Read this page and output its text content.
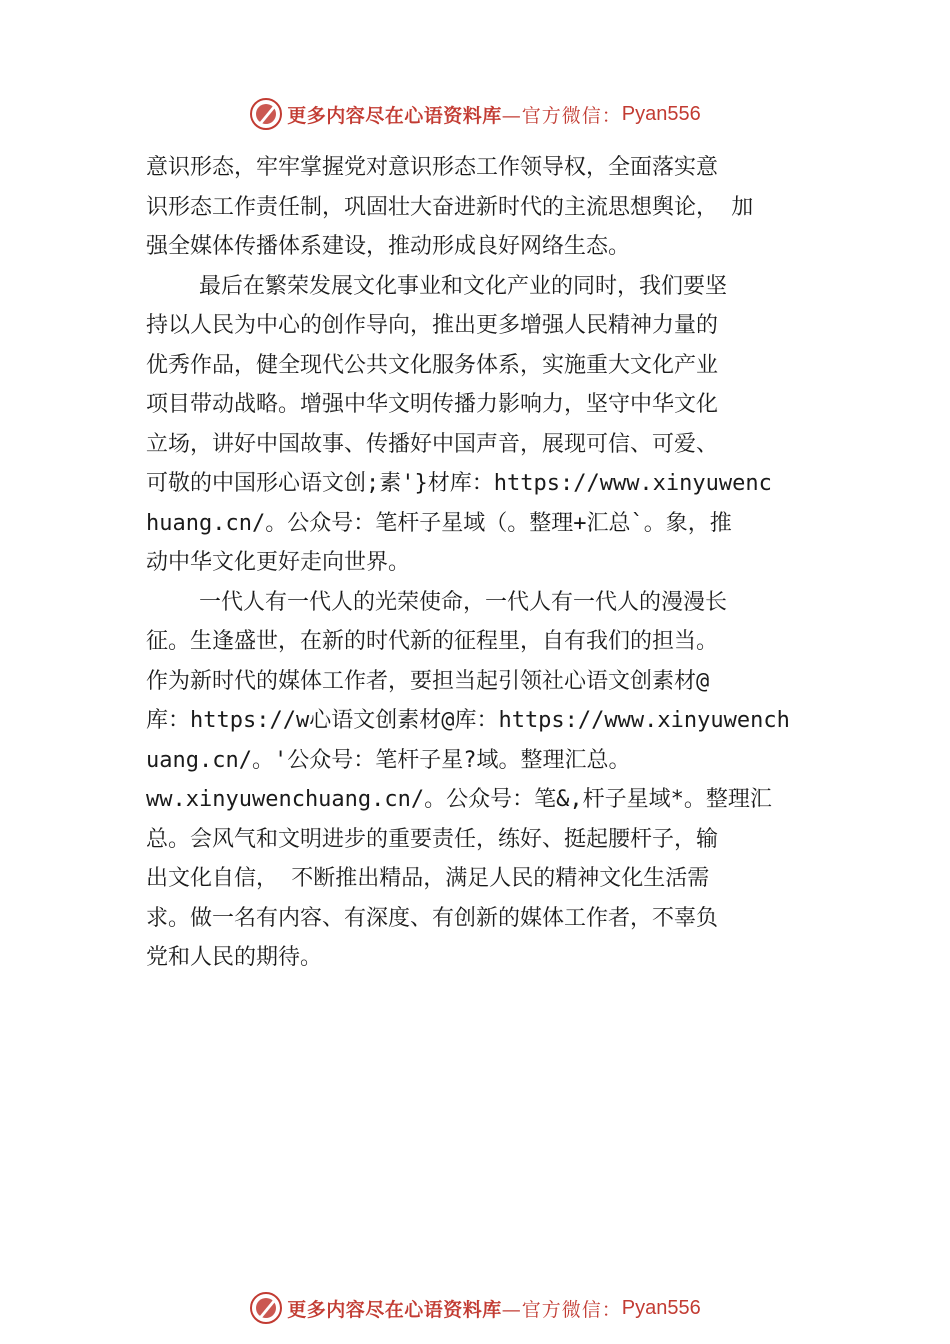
更多内容尽在心语资料库 —官方微信： Pyan556

意识形态，牢牢掌握党对意识形态工作领导权，全面落实意
识形态工作责任制，巩固壮大奋进新时代的主流思想舆论， 加
强全媒体传播体系建设，推动形成良好网络生态。

最后在繁荣发展文化事业和文化产业的同时，我们要坚
持以人民为中心的创作导向，推出更多增强人民精神力量的
优秀作品，健全现代公共文化服务体系，实施重大文化产业
项目带动战略。增强中华文明传播力影响力，坚守中华文化
立场，讲好中国故事、传播好中国声音，展现可信、可爱、
可敬的中国形心语文创;素'}材库：https://www.xinyuwenc
huang.cn/。公众号：笔杆子星域（。整理+汇总`。象，推
动中华文化更好走向世界。

一代人有一代人的光荣使命，一代人有一代人的漫漫长
征。生逢盛世，在新的时代新的征程里，自有我们的担当。
作为新时代的媒体工作者，要担当起引领社心语文创素材@
库：https://w心语文创素材@库：https://www.xinyuwench
uang.cn/。'公众号：笔杆子星?域。整理汇总。
ww.xinyuwenchuang.cn/。公众号：笔&,杆子星域*。整理汇
总。会风气和文明进步的重要责任，练好、挺起腰杆子，输
出文化自信， 不断推出精品，满足人民的精神文化生活需
求。做一名有内容、有深度、有创新的媒体工作者，不辜负
党和人民的期待。

更多内容尽在心语资料库 —官方微信： Pyan556
